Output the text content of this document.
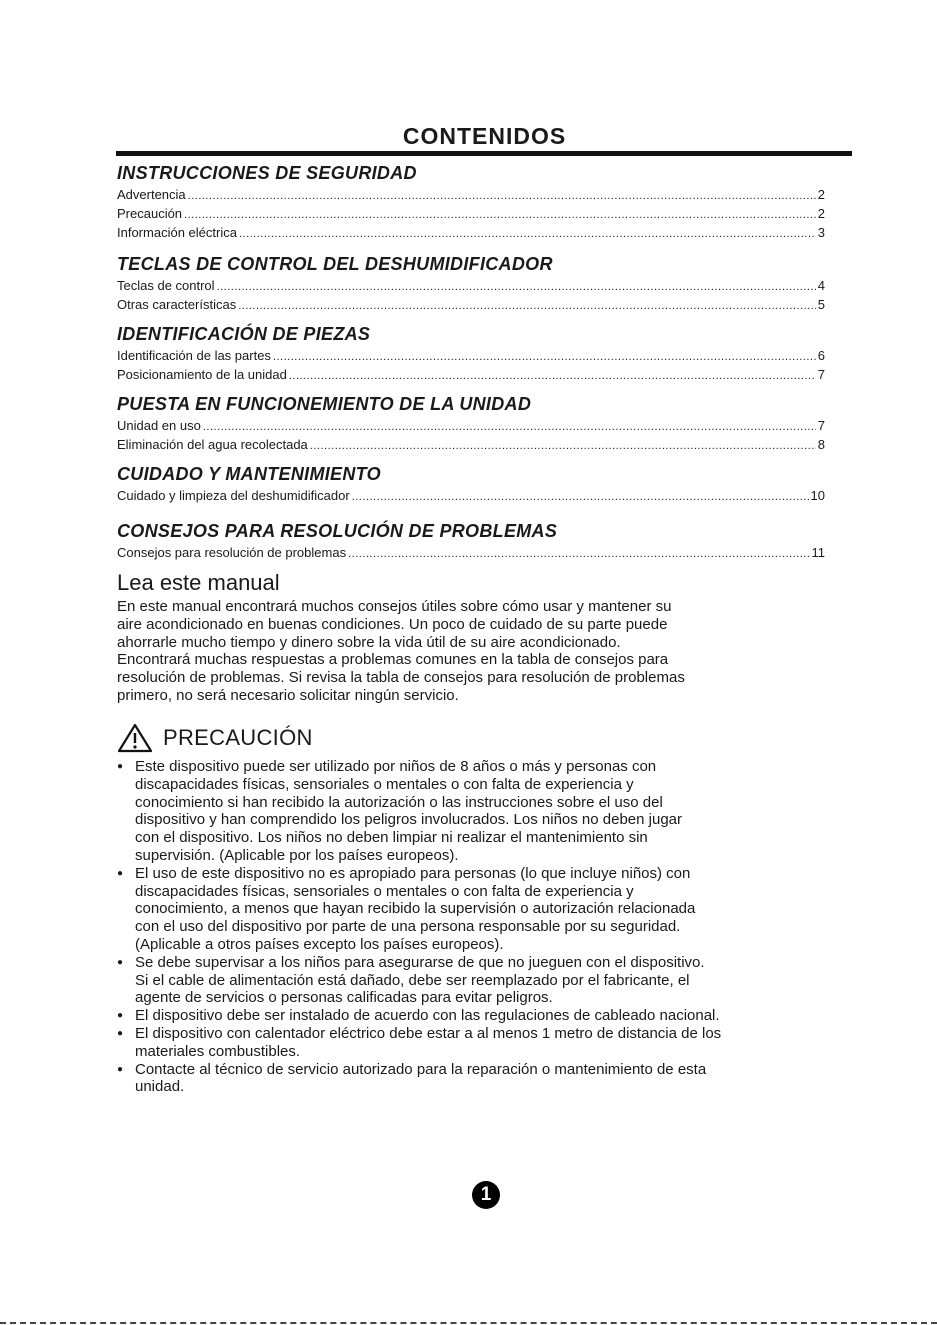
CONTENIDOS
INSTRUCCIONES DE SEGURIDAD
Advertencia .....	2
Precaución .....	2
Información eléctrica .....	3
TECLAS DE CONTROL DEL DESHUMIDIFICADOR
Teclas de control .....	4
Otras características .....	5
IDENTIFICACIÓN DE PIEZAS
Identificación de las partes .....	6
Posicionamiento de la unidad .....	7
PUESTA EN FUNCIONEMIENTO DE LA UNIDAD
Unidad en uso .....	7
Eliminación del agua recolectada .....	8
CUIDADO Y MANTENIMIENTO
Cuidado y limpieza del deshumidificador .....	10
CONSEJOS PARA RESOLUCIÓN DE PROBLEMAS
Consejos para resolución de problemas .....	11
Lea este manual
En este manual encontrará muchos consejos útiles sobre cómo usar y mantener su
aire acondicionado en buenas condiciones. Un poco de cuidado de su parte puede
ahorrarle mucho tiempo y dinero sobre la vida útil de su aire acondicionado.
Encontrará muchas respuestas a problemas comunes en la tabla de consejos para
resolución de problemas. Si revisa la tabla de consejos para resolución de problemas
primero, no será necesario solicitar ningún servicio.
PRECAUCIÓN
● Este dispositivo puede ser utilizado por niños de 8 años o más y personas con
discapacidades físicas, sensoriales o mentales o con falta de experiencia y
conocimiento si han recibido la autorización o las instrucciones sobre el uso del
dispositivo y han comprendido los peligros involucrados. Los niños no deben jugar
con el dispositivo. Los niños no deben limpiar ni realizar el mantenimiento sin
supervisión. (Aplicable por los países europeos).
● El uso de este dispositivo no es apropiado para personas (lo que incluye niños) con
discapacidades físicas, sensoriales o mentales o con falta de experiencia y
conocimiento, a menos que hayan recibido la supervisión o autorización relacionada
con el uso del dispositivo por parte de una persona responsable por su seguridad.
(Aplicable a otros países excepto los países europeos).
● Se debe supervisar a los niños para asegurarse de que no jueguen con el dispositivo.
Si el cable de alimentación está dañado, debe ser reemplazado por el fabricante, el
agente de servicios o personas calificadas para evitar peligros.
● El dispositivo debe ser instalado de acuerdo con las regulaciones de cableado nacional.
● El dispositivo con calentador eléctrico debe estar a al menos 1 metro de distancia de los
materiales combustibles.
● Contacte al técnico de servicio autorizado para la reparación o mantenimiento de esta
unidad.
1
